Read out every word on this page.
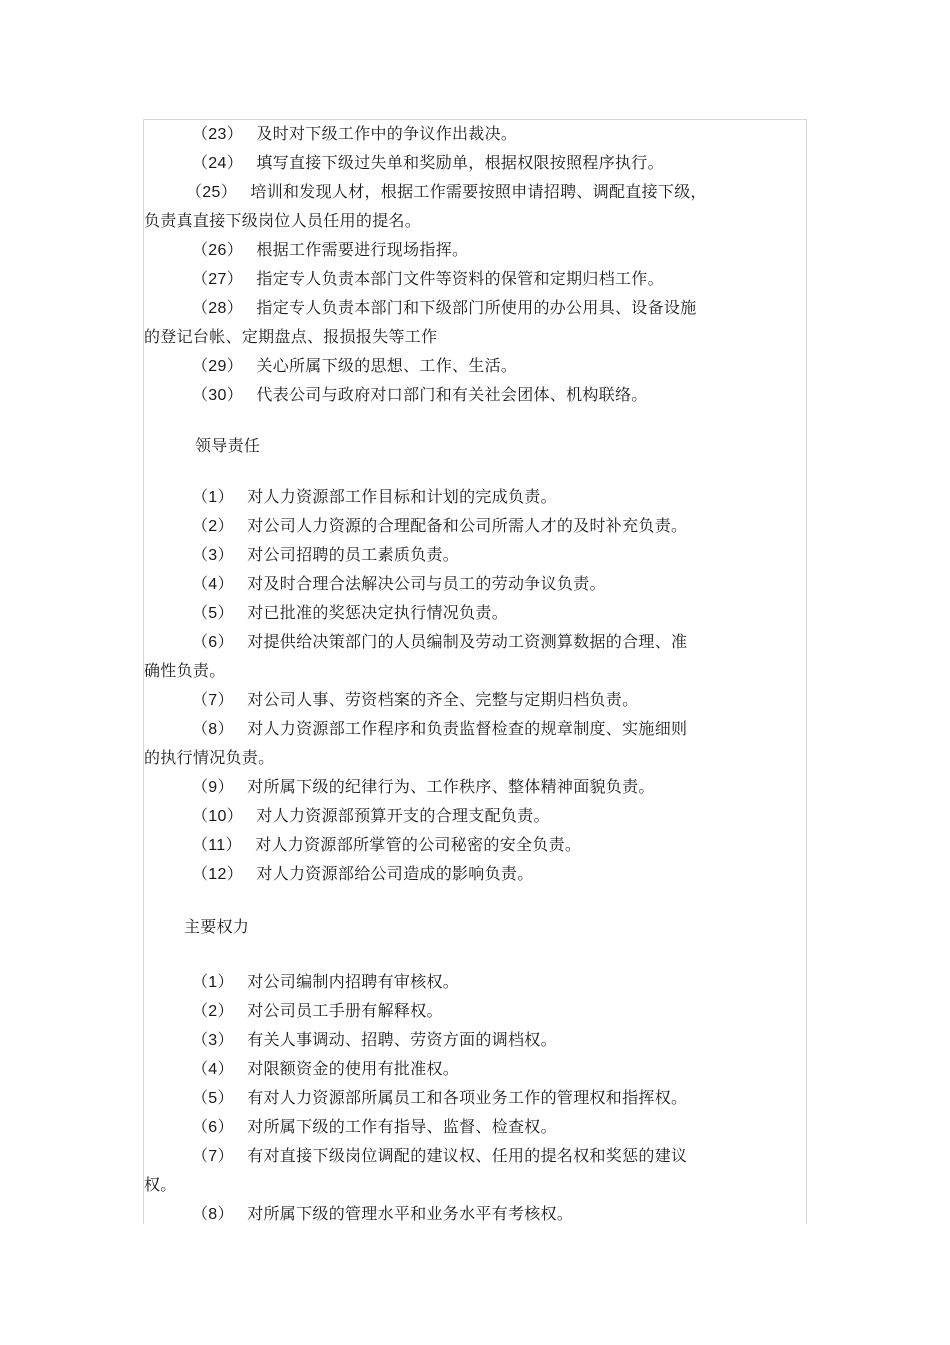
（23） 及时对下级工作中的争议作出裁决。
（24） 填写直接下级过失单和奖励单，根据权限按照程序执行。
（25） 培训和发现人材，根据工作需要按照申请招聘、调配直接下级，
负责真直接下级岗位人员任用的提名。
（26） 根据工作需要进行现场指挥。
（27） 指定专人负责本部门文件等资料的保管和定期归档工作。
（28） 指定专人负责本部门和下级部门所使用的办公用具、设备设施
的登记台帐、定期盘点、报损报失等工作
（29） 关心所属下级的思想、工作、生活。
（30） 代表公司与政府对口部门和有关社会团体、机构联络。
领导责任
（1） 对人力资源部工作目标和计划的完成负责。
（2） 对公司人力资源的合理配备和公司所需人才的及时补充负责。
（3） 对公司招聘的员工素质负责。
（4） 对及时合理合法解决公司与员工的劳动争议负责。
（5） 对已批准的奖惩决定执行情况负责。
（6） 对提供给决策部门的人员编制及劳动工资测算数据的合理、准
确性负责。
（7） 对公司人事、劳资档案的齐全、完整与定期归档负责。
（8） 对人力资源部工作程序和负责监督检查的规章制度、实施细则
的执行情况负责。
（9） 对所属下级的纪律行为、工作秩序、整体精神面貌负责。
（10） 对人力资源部预算开支的合理支配负责。
（11） 对人力资源部所掌管的公司秘密的安全负责。
（12） 对人力资源部给公司造成的影响负责。
主要权力
（1） 对公司编制内招聘有审核权。
（2） 对公司员工手册有解释权。
（3） 有关人事调动、招聘、劳资方面的调档权。
（4） 对限额资金的使用有批准权。
（5） 有对人力资源部所属员工和各项业务工作的管理权和指挥权。
（6） 对所属下级的工作有指导、监督、检查权。
（7） 有对直接下级岗位调配的建议权、任用的提名权和奖惩的建议
权。
（8） 对所属下级的管理水平和业务水平有考核权。
